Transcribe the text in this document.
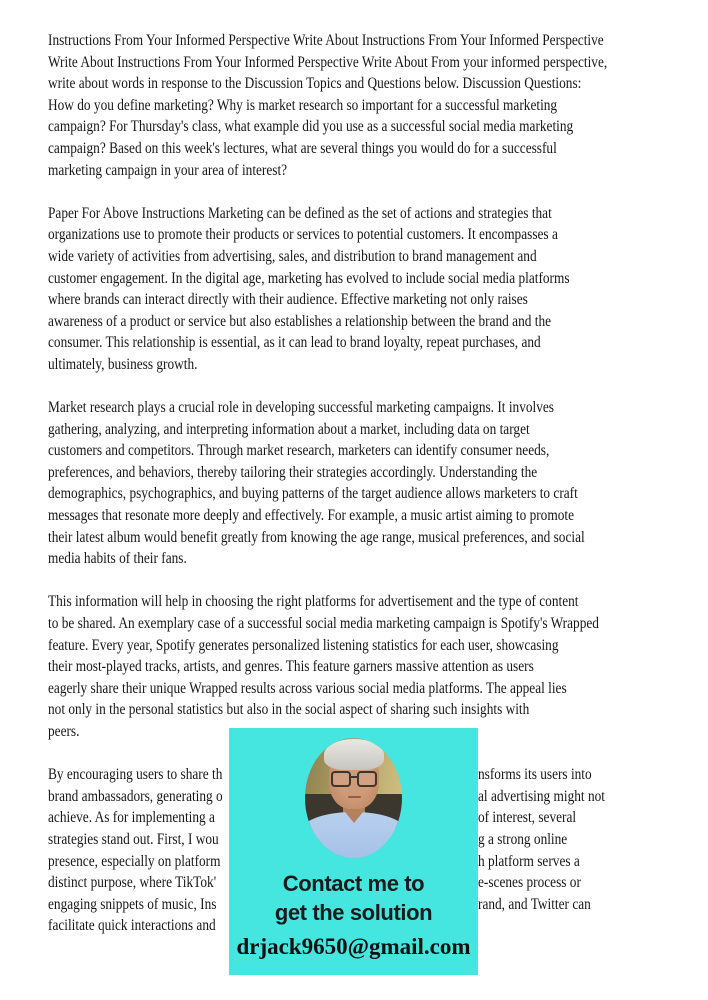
Instructions From Your Informed Perspective Write About Instructions From Your Informed Perspective
Write About Instructions From Your Informed Perspective Write About From your informed perspective,
write about words in response to the Discussion Topics and Questions below. Discussion Questions:
How do you define marketing? Why is market research so important for a successful marketing
campaign? For Thursday's class, what example did you use as a successful social media marketing
campaign? Based on this week's lectures, what are several things you would do for a successful
marketing campaign in your area of interest?
Paper For Above Instructions Marketing can be defined as the set of actions and strategies that
organizations use to promote their products or services to potential customers. It encompasses a
wide variety of activities from advertising, sales, and distribution to brand management and
customer engagement. In the digital age, marketing has evolved to include social media platforms
where brands can interact directly with their audience. Effective marketing not only raises
awareness of a product or service but also establishes a relationship between the brand and the
consumer. This relationship is essential, as it can lead to brand loyalty, repeat purchases, and
ultimately, business growth.
Market research plays a crucial role in developing successful marketing campaigns. It involves
gathering, analyzing, and interpreting information about a market, including data on target
customers and competitors. Through market research, marketers can identify consumer needs,
preferences, and behaviors, thereby tailoring their strategies accordingly. Understanding the
demographics, psychographics, and buying patterns of the target audience allows marketers to craft
messages that resonate more deeply and effectively. For example, a music artist aiming to promote
their latest album would benefit greatly from knowing the age range, musical preferences, and social
media habits of their fans.
This information will help in choosing the right platforms for advertisement and the type of content
to be shared. An exemplary case of a successful social media marketing campaign is Spotify's Wrapped
feature. Every year, Spotify generates personalized listening statistics for each user, showcasing
their most-played tracks, artists, and genres. This feature garners massive attention as users
eagerly share their unique Wrapped results across various social media platforms. The appeal lies
not only in the personal statistics but also in the social aspect of sharing such insights with
peers.
By encouraging users to share th	nsforms its users into
brand ambassadors, generating o	al advertising might not
achieve. As for implementing a	of interest, several
strategies stand out. First, I wou	g a strong online
presence, especially on platform	h platform serves a
distinct purpose, where TikTok'	e-scenes process or
engaging snippets of music, Ins	rand, and Twitter can
facilitate quick interactions and
Contact me to
get the solution
drjack9650@gmail.com
